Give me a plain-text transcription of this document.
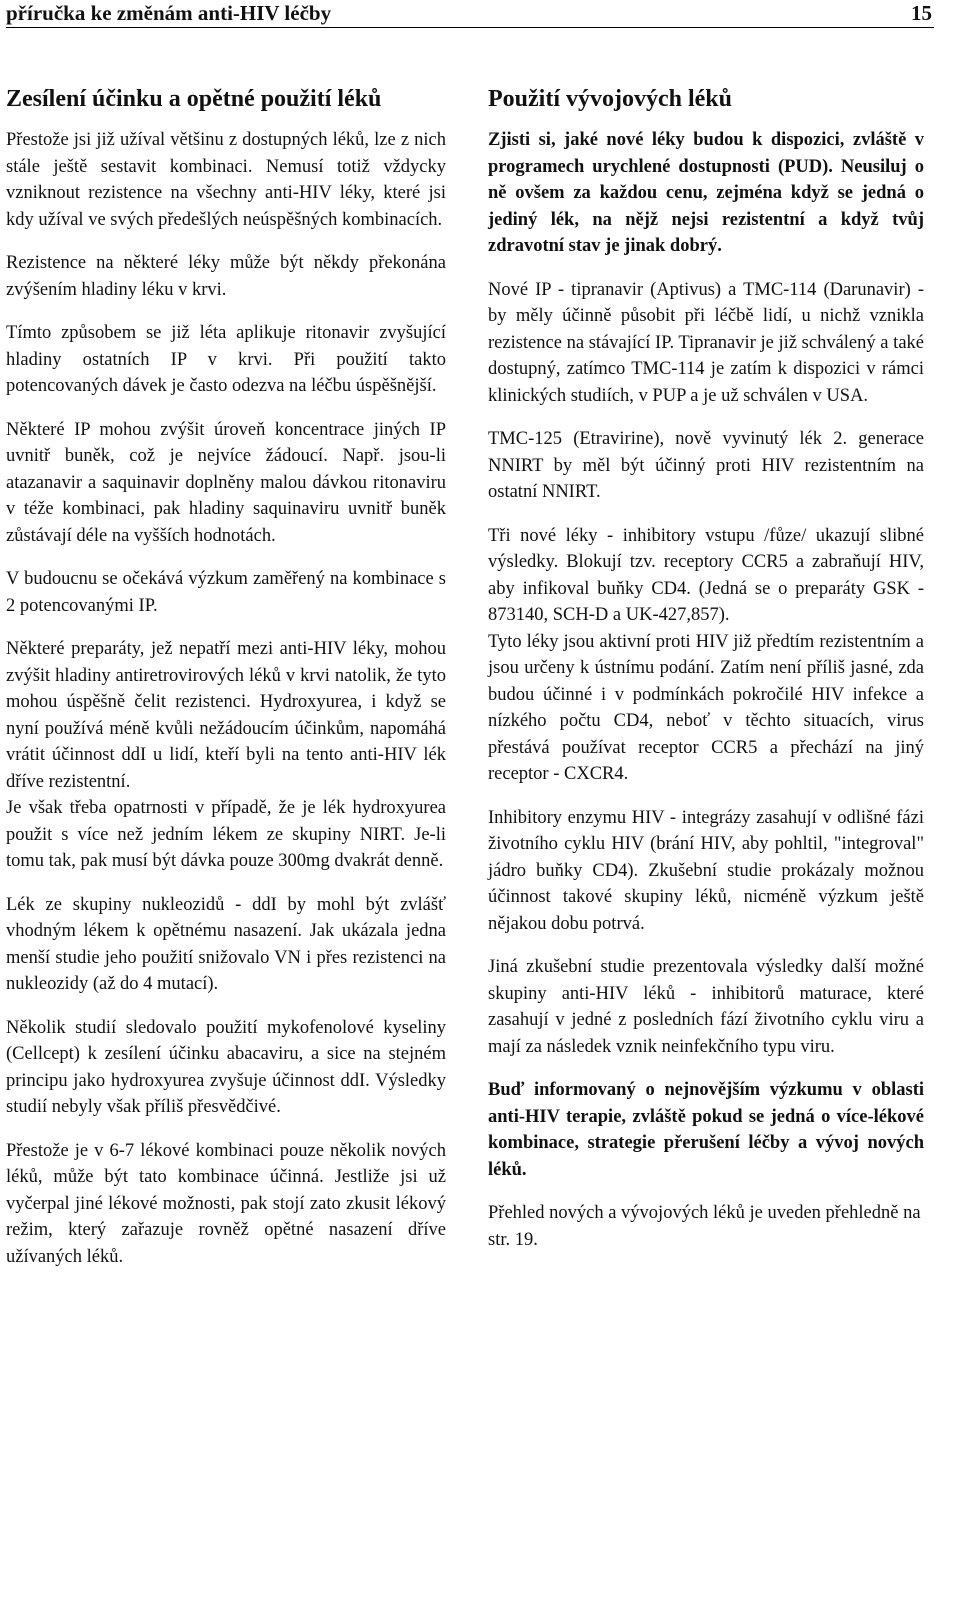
příručka ke změnám anti-HIV léčby	15
Zesílení účinku a opětné použití léků

Přestože jsi již užíval většinu z dostupných léků, lze z nich stále ještě sestavit kombinaci. Nemusí totiž vždycky vzniknout rezistence na všechny anti-HIV léky, které jsi kdy užíval ve svých předešlých neúspěšných kombinacích.

Rezistence na některé léky může být někdy překonána zvýšením hladiny léku v krvi.

Tímto způsobem se již léta aplikuje ritonavir zvyšující hladiny ostatních IP v krvi. Při použití takto potencovaných dávek je často odezva na léčbu úspěšnější.

Některé IP mohou zvýšit úroveň koncentrace jiných IP uvnitř buněk, což je nejvíce žádoucí. Např. jsou-li atazanavir a saquinavir doplněny malou dávkou ritonaviru v téže kombinaci, pak hladiny saquinaviru uvnitř buněk zůstávají déle na vyšších hodnotách.

V budoucnu se očekává výzkum zaměřený na kombinace s 2 potencovanými IP.

Některé preparáty, jež nepatří mezi anti-HIV léky, mohou zvýšit hladiny antiretrovirových léků v krvi natolik, že tyto mohou úspěšně čelit rezistenci. Hydroxyurea, i když se nyní používá méně kvůli nežádoucím účinkům, napomáhá vrátit účinnost ddI u lidí, kteří byli na tento anti-HIV lék dříve rezistentní.

Je však třeba opatrnosti v případě, že je lék hydroxyurea použit s více než jedním lékem ze skupiny NIRT. Je-li tomu tak, pak musí být dávka pouze 300mg dvakrát denně.

Lék ze skupiny nukleozidů - ddI by mohl být zvlášť vhodným lékem k opětnému nasazení. Jak ukázala jedna menší studie jeho použití snižovalo VN i přes rezistenci na nukleozidy (až do 4 mutací).

Několik studií sledovalo použití mykofenolové kyseliny (Cellcept) k zesílení účinku abacaviru, a sice na stejném principu jako hydroxyurea zvyšuje účinnost ddI. Výsledky studií nebyly však příliš přesvědčivé.

Přestože je v 6-7 lékové kombinaci pouze několik nových léků, může být tato kombinace účinná. Jestliže jsi už vyčerpal jiné lékové možnosti, pak stojí zato zkusit lékový režim, který zařazuje rovněž opětné nasazení dříve užívaných léků.

Použití vývojových léků

Zjisti si, jaké nové léky budou k dispozici, zvláště v programech urychlené dostupnosti (PUD). Neusiluj o ně ovšem za každou cenu, zejména když se jedná o jediný lék, na nějž nejsi rezistentní a když tvůj zdravotní stav je jinak dobrý.

Nové IP - tipranavir (Aptivus) a TMC-114 (Darunavir) - by měly účinně působit při léčbě lidí, u nichž vznikla rezistence na stávající IP. Tipranavir je již schválený a také dostupný, zatímco TMC-114 je zatím k dispozici v rámci klinických studiích, v PUP a je už schválen v USA.

TMC-125 (Etravirine), nově vyvinutý lék 2. generace NNIRT by měl být účinný proti HIV rezistentním na ostatní NNIRT.

Tři nové léky - inhibitory vstupu /fůze/ ukazují slibné výsledky. Blokují tzv. receptory CCR5 a zabraňují HIV, aby infikoval buňky CD4. (Jedná se o preparáty GSK - 873140, SCH-D a UK-427,857).

Tyto léky jsou aktivní proti HIV již předtím rezistentním a jsou určeny k ústnímu podání. Zatím není příliš jasné, zda budou účinné i v podmínkách pokročilé HIV infekce a nízkého počtu CD4, neboť v těchto situacích, virus přestává používat receptor CCR5 a přechází na jiný receptor - CXCR4.

Inhibitory enzymu HIV - integrázy zasahují v odlišné fázi životního cyklu HIV (brání HIV, aby pohltil, "integroval" jádro buňky CD4). Zkušební studie prokázaly možnou účinnost takové skupiny léků, nicméně výzkum ještě nějakou dobu potrvá.

Jiná zkušební studie prezentovala výsledky další možné skupiny anti-HIV léků - inhibitorů maturace, které zasahují v jedné z posledních fází životního cyklu viru a mají za následek vznik neinfekčního typu viru.

Buď informovaný o nejnovějším výzkumu v oblasti anti-HIV terapie, zvláště pokud se jedná o více-lékové kombinace, strategie přerušení léčby a vývoj nových léků.

Přehled nových a vývojových léků je uveden přehledně na str. 19.
